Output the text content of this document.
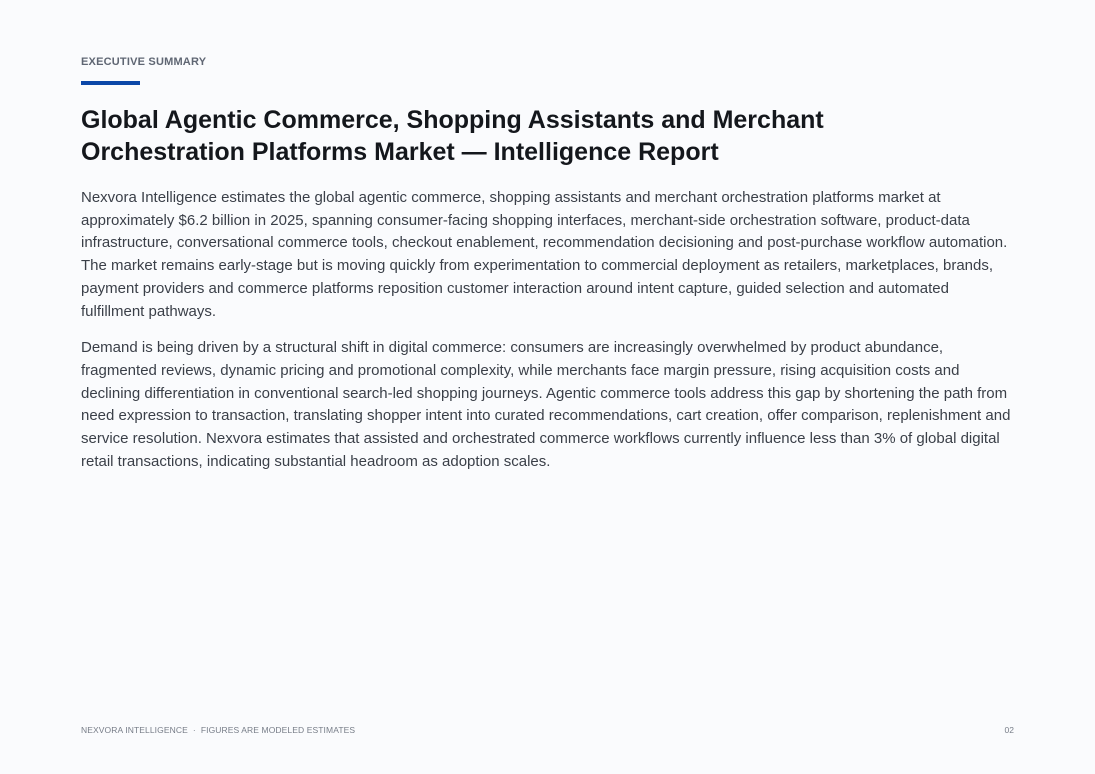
EXECUTIVE SUMMARY
Global Agentic Commerce, Shopping Assistants and Merchant
Orchestration Platforms Market — Intelligence Report

Nexvora Intelligence estimates the global agentic commerce, shopping assistants and merchant orchestration platforms market at approximately $6.2 billion in 2025, spanning consumer-facing shopping interfaces, merchant-side orchestration software, product-data infrastructure, conversational commerce tools, checkout enablement, recommendation decisioning and post-purchase workflow automation. The market remains early-stage but is moving quickly from experimentation to commercial deployment as retailers, marketplaces, brands, payment providers and commerce platforms reposition customer interaction around intent capture, guided selection and automated fulfillment pathways.

Demand is being driven by a structural shift in digital commerce: consumers are increasingly overwhelmed by product abundance, fragmented reviews, dynamic pricing and promotional complexity, while merchants face margin pressure, rising acquisition costs and declining differentiation in conventional search-led shopping journeys. Agentic commerce tools address this gap by shortening the path from need expression to transaction, translating shopper intent into curated recommendations, cart creation, offer comparison, replenishment and service resolution. Nexvora estimates that assisted and orchestrated commerce workflows currently influence less than 3% of global digital retail transactions, indicating substantial headroom as adoption scales.

NEXVORA INTELLIGENCE · FIGURES ARE MODELED ESTIMATES	02
